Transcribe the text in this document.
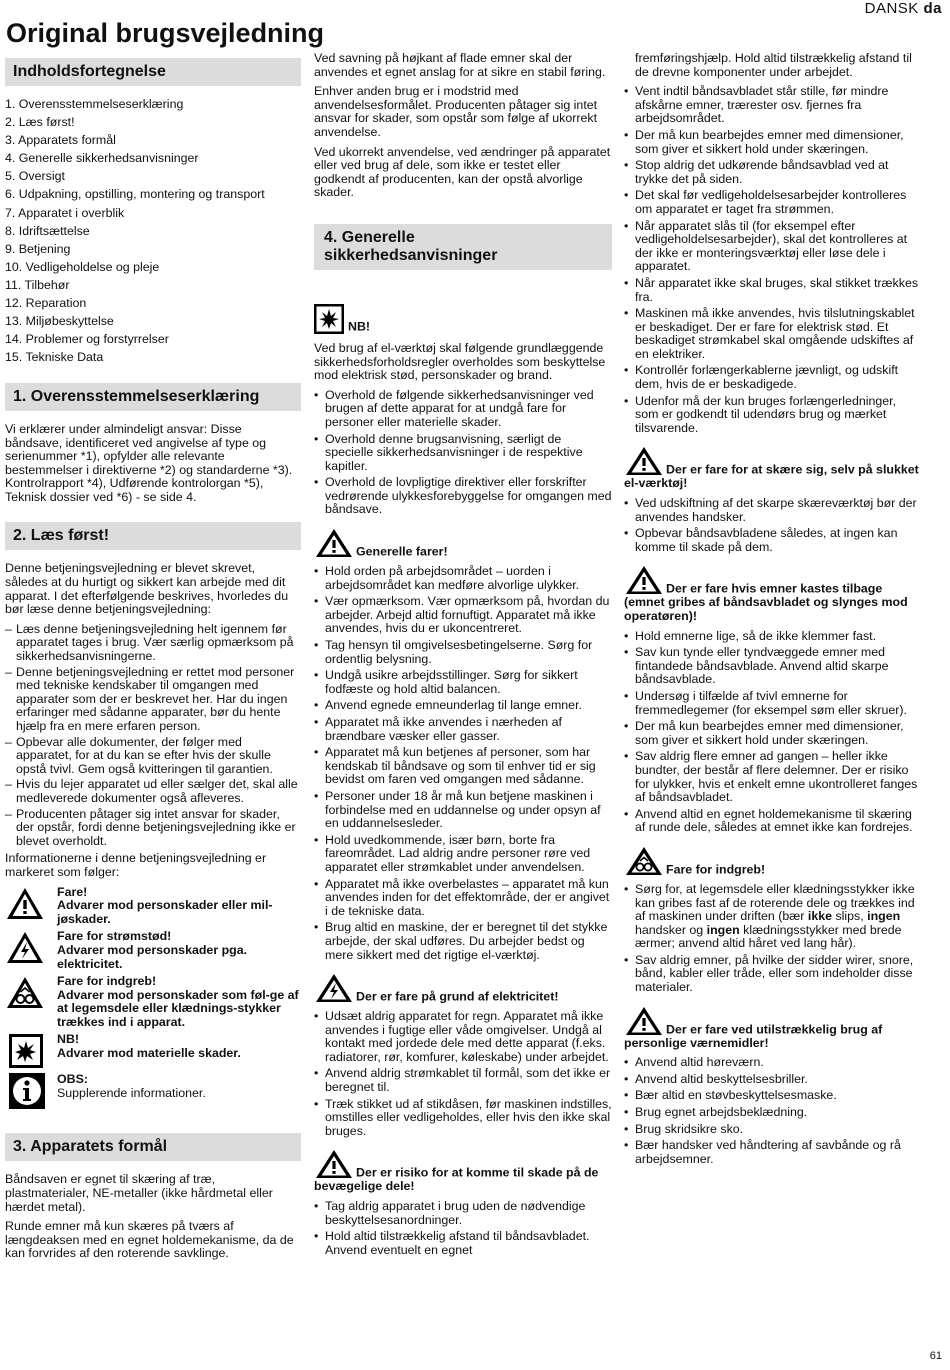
DANSK da
Original brugsvejledning
Indholdsfortegnelse
1. Overensstemmelseserklæring
2. Læs først!
3. Apparatets formål
4. Generelle sikkerhedsanvisninger
5. Oversigt
6. Udpakning, opstilling, montering og transport
7. Apparatet i overblik
8. Idriftsættelse
9. Betjening
10. Vedligeholdelse og pleje
11. Tilbehør
12. Reparation
13. Miljøbeskyttelse
14. Problemer og forstyrrelser
15. Tekniske Data
1. Overensstemmelseserklæring

Vi erklærer under almindeligt ansvar: Disse båndsave, identificeret ved angivelse af type og serienummer *1), opfylder alle relevante bestemmelser i direktiverne *2) og standarderne *3). Kontrolrapport *4), Udførende kontrolorgan *5), Teknisk dossier ved *6) - se side 4.

2. Læs først!

Denne betjeningsvejledning er blevet skrevet, således at du hurtigt og sikkert kan arbejde med dit apparat. I det efterfølgende beskrives, hvorledes du bør læse denne betjeningsvejledning:

– Læs denne betjeningsvejledning helt igennem før apparatet tages i brug. Vær særlig opmærksom på sikkerhedsanvisningerne.
– Denne betjeningsvejledning er rettet mod personer med tekniske kendskaber til omgangen med apparater som der er beskrevet her. Har du ingen erfaringer med sådanne apparater, bør du hente hjælp fra en mere erfaren person.
– Opbevar alle dokumenter, der følger med apparatet, for at du kan se efter hvis der skulle opstå tvivl. Gem også kvitteringen til garantien.
– Hvis du lejer apparatet ud eller sælger det, skal alle medleverede dokumenter også afleveres.
– Producenten påtager sig intet ansvar for skader, der opstår, fordi denne betjeningsvejledning ikke er blevet overholdt.

Informationerne i denne betjeningsvejledning er markeret som følger:

Fare!
Advarer mod personskader eller mil-jøskader.
Fare for strømstød!
Advarer mod personskader pga. elektricitet.
Fare for indgreb!
Advarer mod personskader som føl-ge af at legemsdele eller klædnings-stykker trækkes ind i apparat.
NB!
Advarer mod materielle skader.
OBS:
Supplerende informationer.
3. Apparatets formål

Båndsaven er egnet til skæring af træ, plastmaterialer, NE-metaller (ikke hårdmetal eller hærdet metal).

Runde emner må kun skæres på tværs af længdeaksen med en egnet holdemekanisme, da de kan forvrides af den roterende savklinge.

Ved savning på højkant af flade emner skal der anvendes et egnet anslag for at sikre en stabil føring.

Enhver anden brug er i modstrid med anvendelsesformålet. Producenten påtager sig intet ansvar for skader, som opstår som følge af ukorrekt anvendelse.

Ved ukorrekt anvendelse, ved ændringer på apparatet eller ved brug af dele, som ikke er testet eller godkendt af producenten, kan der opstå alvorlige skader.

4. Generelle sikkerhedsanvisninger
NB!

Ved brug af el-værktøj skal følgende grundlæggende sikkerhedsforholdsregler overholdes som beskyttelse mod elektrisk stød, personskader og brand.

• Overhold de følgende sikkerhedsanvisninger ved brugen af dette apparat for at undgå fare for personer eller materielle skader.
• Overhold denne brugsanvisning, særligt de specielle sikkerhedsanvisninger i de respektive kapitler.
• Overhold de lovpligtige direktiver eller forskrifter vedrørende ulykkesforebyggelse for omgangen med båndsave.
Generelle farer!
• Hold orden på arbejdsområdet – uorden i arbejdsområdet kan medføre alvorlige ulykker.
• Vær opmærksom. Vær opmærksom på, hvordan du arbejder. Arbejd altid fornuftigt. Apparatet må ikke anvendes, hvis du er ukoncentreret.
• Tag hensyn til omgivelsesbetingelserne. Sørg for ordentlig belysning.
• Undgå usikre arbejdsstillinger. Sørg for sikkert fodfæste og hold altid balancen.
• Anvend egnede emneunderlag til lange emner.
• Apparatet må ikke anvendes i nærheden af brændbare væsker eller gasser.
• Apparatet må kun betjenes af personer, som har kendskab til båndsave og som til enhver tid er sig bevidst om faren ved omgangen med sådanne.
• Personer under 18 år må kun betjene maskinen i forbindelse med en uddannelse og under opsyn af en uddannelsesleder.
• Hold uvedkommende, især børn, borte fra fareområdet. Lad aldrig andre personer røre ved apparatet eller strømkablet under anvendelsen.
• Apparatet må ikke overbelastes – apparatet må kun anvendes inden for det effektområde, der er angivet i de tekniske data.
• Brug altid en maskine, der er beregnet til det stykke arbejde, der skal udføres. Du arbejder bedst og mere sikkert med det rigtige el-værktøj.
Der er fare på grund af elektricitet!
• Udsæt aldrig apparatet for regn. Apparatet må ikke anvendes i fugtige eller våde omgivelser. Undgå al kontakt med jordede dele med dette apparat (f.eks. radiatorer, rør, komfurer, køleskabe) under arbejdet.
• Anvend aldrig strømkablet til formål, som det ikke er beregnet til.
• Træk stikket ud af stikdåsen, før maskinen indstilles, omstilles eller vedligeholdes, eller hvis den ikke skal bruges.
Der er risiko for at komme til skade på de bevægelige dele!
• Tag aldrig apparatet i brug uden de nødvendige beskyttelsesanordninger.
• Hold altid tilstrækkelig afstand til båndsavbladet. Anvend eventuelt en egnet

fremføringshjælp. Hold altid tilstrækkelig afstand til de drevne komponenter under arbejdet.

• Vent indtil båndsavbladet står stille, før mindre afskårne emner, trærester osv. fjernes fra arbejdsområdet.
• Der må kun bearbejdes emner med dimensioner, som giver et sikkert hold under skæringen.
• Stop aldrig det udkørende båndsavblad ved at trykke det på siden.
• Det skal før vedligeholdelsesarbejder kontrolleres om apparatet er taget fra strømmen.
• Når apparatet slås til (for eksempel efter vedligeholdelsesarbejder), skal det kontrolleres at der ikke er monteringsværktøj eller løse dele i apparatet.
• Når apparatet ikke skal bruges, skal stikket trækkes fra.
• Maskinen må ikke anvendes, hvis tilslutningskablet er beskadiget. Der er fare for elektrisk stød. Et beskadiget strømkabel skal omgående udskiftes af en elektriker.
• Kontrollér forlængerkablerne jævnligt, og udskift dem, hvis de er beskadigede.
• Udenfor må der kun bruges forlængerledninger, som er godkendt til udendørs brug og mærket tilsvarende.
Der er fare for at skære sig, selv på slukket el-værktøj!
• Ved udskiftning af det skarpe skæreværktøj bør der anvendes handsker.
• Opbevar båndsavbladene således, at ingen kan komme til skade på dem.
Der er fare hvis emner kastes tilbage (emnet gribes af båndsavbladet og slynges mod operatøren)!
• Hold emnerne lige, så de ikke klemmer fast.
• Sav kun tynde eller tyndvæggede emner med fintandede båndsavblade. Anvend altid skarpe båndsavblade.
• Undersøg i tilfælde af tvivl emnerne for fremmedlegemer (for eksempel søm eller skruer).
• Der må kun bearbejdes emner med dimensioner, som giver et sikkert hold under skæringen.
• Sav aldrig flere emner ad gangen – heller ikke bundter, der består af flere delemner. Der er risiko for ulykker, hvis et enkelt emne ukontrolleret fanges af båndsavbladet.
• Anvend altid en egnet holdemekanisme til skæring af runde dele, således at emnet ikke kan fordrejes.
Fare for indgreb!
• Sørg for, at legemsdele eller klædningsstykker ikke kan gribes fast af de roterende dele og trækkes ind af maskinen under driften (bær ikke slips, ingen handsker og ingen klædningsstykker med brede ærmer; anvend altid håret ved lang hår).
• Sav aldrig emner, på hvilke der sidder wirer, snore, bånd, kabler eller tråde, eller som indeholder disse materialer.
Der er fare ved utilstrækkelig brug af personlige værnemidler!
• Anvend altid høreværn.
• Anvend altid beskyttelsesbriller.
• Bær altid en støvbeskyttelsesmaske.
• Brug egnet arbejdsbeklædning.
• Brug skridsikre sko.
• Bær handsker ved håndtering af savbånde og rå arbejdsemner.
61
